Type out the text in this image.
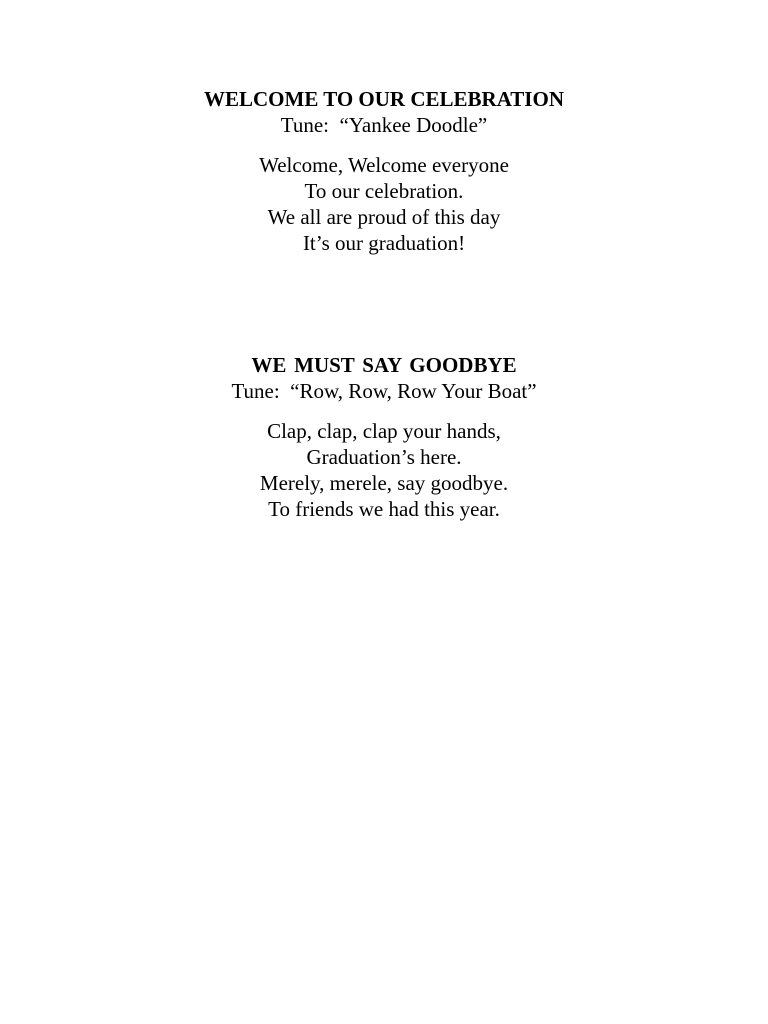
WELCOME TO OUR CELEBRATION

Tune:  “Yankee Doodle”

Welcome, Welcome everyone

To our celebration.

We all are proud of this day

It’s our graduation!

WE MUST SAY GOODBYE

Tune:  “Row, Row, Row Your Boat”

Clap, clap, clap your hands,

Graduation’s here.

Merely, merele, say goodbye.

To friends we had this year.
